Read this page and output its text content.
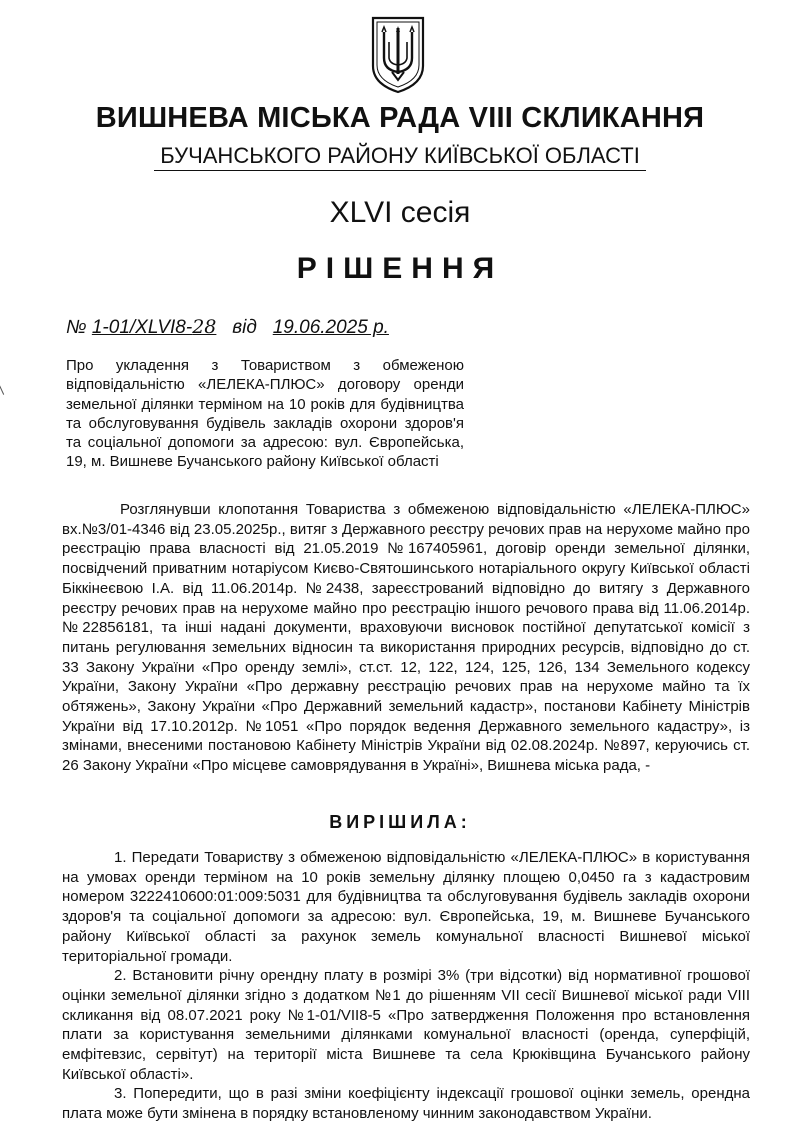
ВИШНЕВА МІСЬКА РАДА VIII СКЛИКАННЯ
БУЧАНСЬКОГО РАЙОНУ КИЇВСЬКОЇ ОБЛАСТІ
XLVI сесія
РІШЕННЯ
№ 1-01/XLVI8-28 від 19.06.2025 р.
Про укладення з Товариством з обмеженою відповідальністю «ЛЕЛЕКА-ПЛЮС» договору оренди земельної ділянки терміном на 10 років для будівництва та обслуговування будівель закладів охорони здоров'я та соціальної допомоги за адресою: вул. Європейська, 19, м. Вишневе Бучанського району Київської області

Розглянувши клопотання Товариства з обмеженою відповідальністю «ЛЕЛЕКА-ПЛЮС» вх.№3/01-4346 від 23.05.2025р., витяг з Державного реєстру речових прав на нерухоме майно про реєстрацію права власності від 21.05.2019 №167405961, договір оренди земельної ділянки, посвідчений приватним нотаріусом Києво-Святошинського нотаріального округу Київської області Біккінеєвою І.А. від 11.06.2014р. №2438, зареєстрований відповідно до витягу з Державного реєстру речових прав на нерухоме майно про реєстрацію іншого речового права від 11.06.2014р. №22856181, та інші надані документи, враховуючи висновок постійної депутатської комісії з питань регулювання земельних відносин та використання природних ресурсів, відповідно до ст. 33 Закону України «Про оренду землі», ст.ст. 12, 122, 124, 125, 126, 134 Земельного кодексу України, Закону України «Про державну реєстрацію речових прав на нерухоме майно та їх обтяжень», Закону України «Про Державний земельний кадастр», постанови Кабінету Міністрів України від 17.10.2012р. №1051 «Про порядок ведення Державного земельного кадастру», із змінами, внесеними постановою Кабінету Міністрів України від 02.08.2024р. №897, керуючись ст. 26 Закону України «Про місцеве самоврядування в Україні», Вишнева міська рада, -

ВИРІШИЛА:

1. Передати Товариству з обмеженою відповідальністю «ЛЕЛЕКА-ПЛЮС» в користування на умовах оренди терміном на 10 років земельну ділянку площею 0,0450 га з кадастровим номером 3222410600:01:009:5031 для будівництва та обслуговування будівель закладів охорони здоров'я та соціальної допомоги за адресою: вул. Європейська, 19, м. Вишневе Бучанського району Київської області за рахунок земель комунальної власності Вишневої міської територіальної громади.

2. Встановити річну орендну плату в розмірі 3% (три відсотки) від нормативної грошової оцінки земельної ділянки згідно з додатком №1 до рішенням VII сесії Вишневої міської ради VIII скликання від 08.07.2021 року №1-01/VII8-5 «Про затвердження Положення про встановлення плати за користування земельними ділянками комунальної власності (оренда, суперфіцій, емфітевзис, сервітут) на території міста Вишневе та села Крюківщина Бучанського району Київської області».

3. Попередити, що в разі зміни коефіцієнту індексації грошової оцінки земель, орендна плата може бути змінена в порядку встановленому чинним законодавством України.
